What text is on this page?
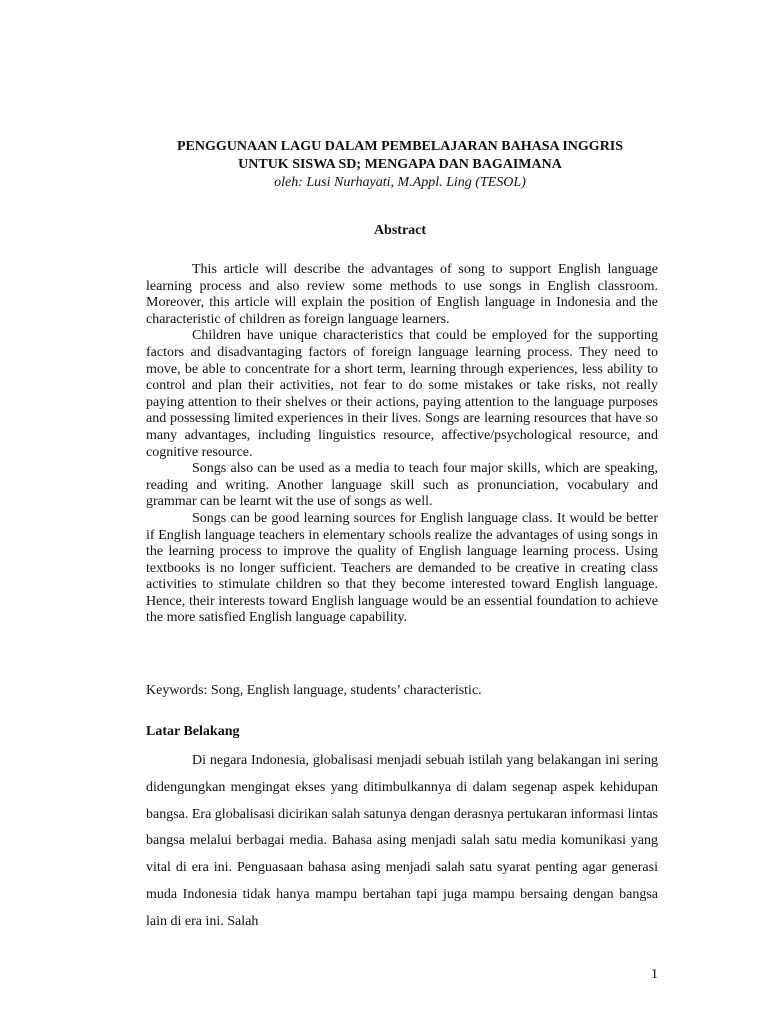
PENGGUNAAN LAGU DALAM PEMBELAJARAN BAHASA INGGRIS
UNTUK SISWA SD; MENGAPA DAN BAGAIMANA
oleh: Lusi Nurhayati, M.Appl. Ling (TESOL)
Abstract

This article will describe the advantages of song to support English language learning process and also review some methods to use songs in English classroom. Moreover, this article will explain the position of English language in Indonesia and the characteristic of children as foreign language learners.

Children have unique characteristics that could be employed for the supporting factors and disadvantaging factors of foreign language learning process. They need to move, be able to concentrate for a short term, learning through experiences, less ability to control and plan their activities, not fear to do some mistakes or take risks, not really paying attention to their shelves or their actions, paying attention to the language purposes and possessing limited experiences in their lives. Songs are learning resources that have so many advantages, including linguistics resource, affective/psychological resource, and cognitive resource.

Songs also can be used as a media to teach four major skills, which are speaking, reading and writing. Another language skill such as pronunciation, vocabulary and grammar can be learnt wit the use of songs as well.

Songs can be good learning sources for English language class. It would be better if English language teachers in elementary schools realize the advantages of using songs in the learning process to improve the quality of English language learning process. Using textbooks is no longer sufficient. Teachers are demanded to be creative in creating class activities to stimulate children so that they become interested toward English language. Hence, their interests toward English language would be an essential foundation to achieve the more satisfied English language capability.

Keywords: Song, English language, students’ characteristic.
Latar Belakang

Di negara Indonesia, globalisasi menjadi sebuah istilah yang belakangan ini sering didengungkan mengingat ekses yang ditimbulkannya di dalam segenap aspek kehidupan bangsa. Era globalisasi dicirikan salah satunya dengan derasnya pertukaran informasi lintas bangsa melalui berbagai media. Bahasa asing menjadi salah satu media komunikasi yang vital di era ini. Penguasaan bahasa asing menjadi salah satu syarat penting agar generasi muda Indonesia tidak hanya mampu bertahan tapi juga mampu bersaing dengan bangsa lain di era ini. Salah

1
